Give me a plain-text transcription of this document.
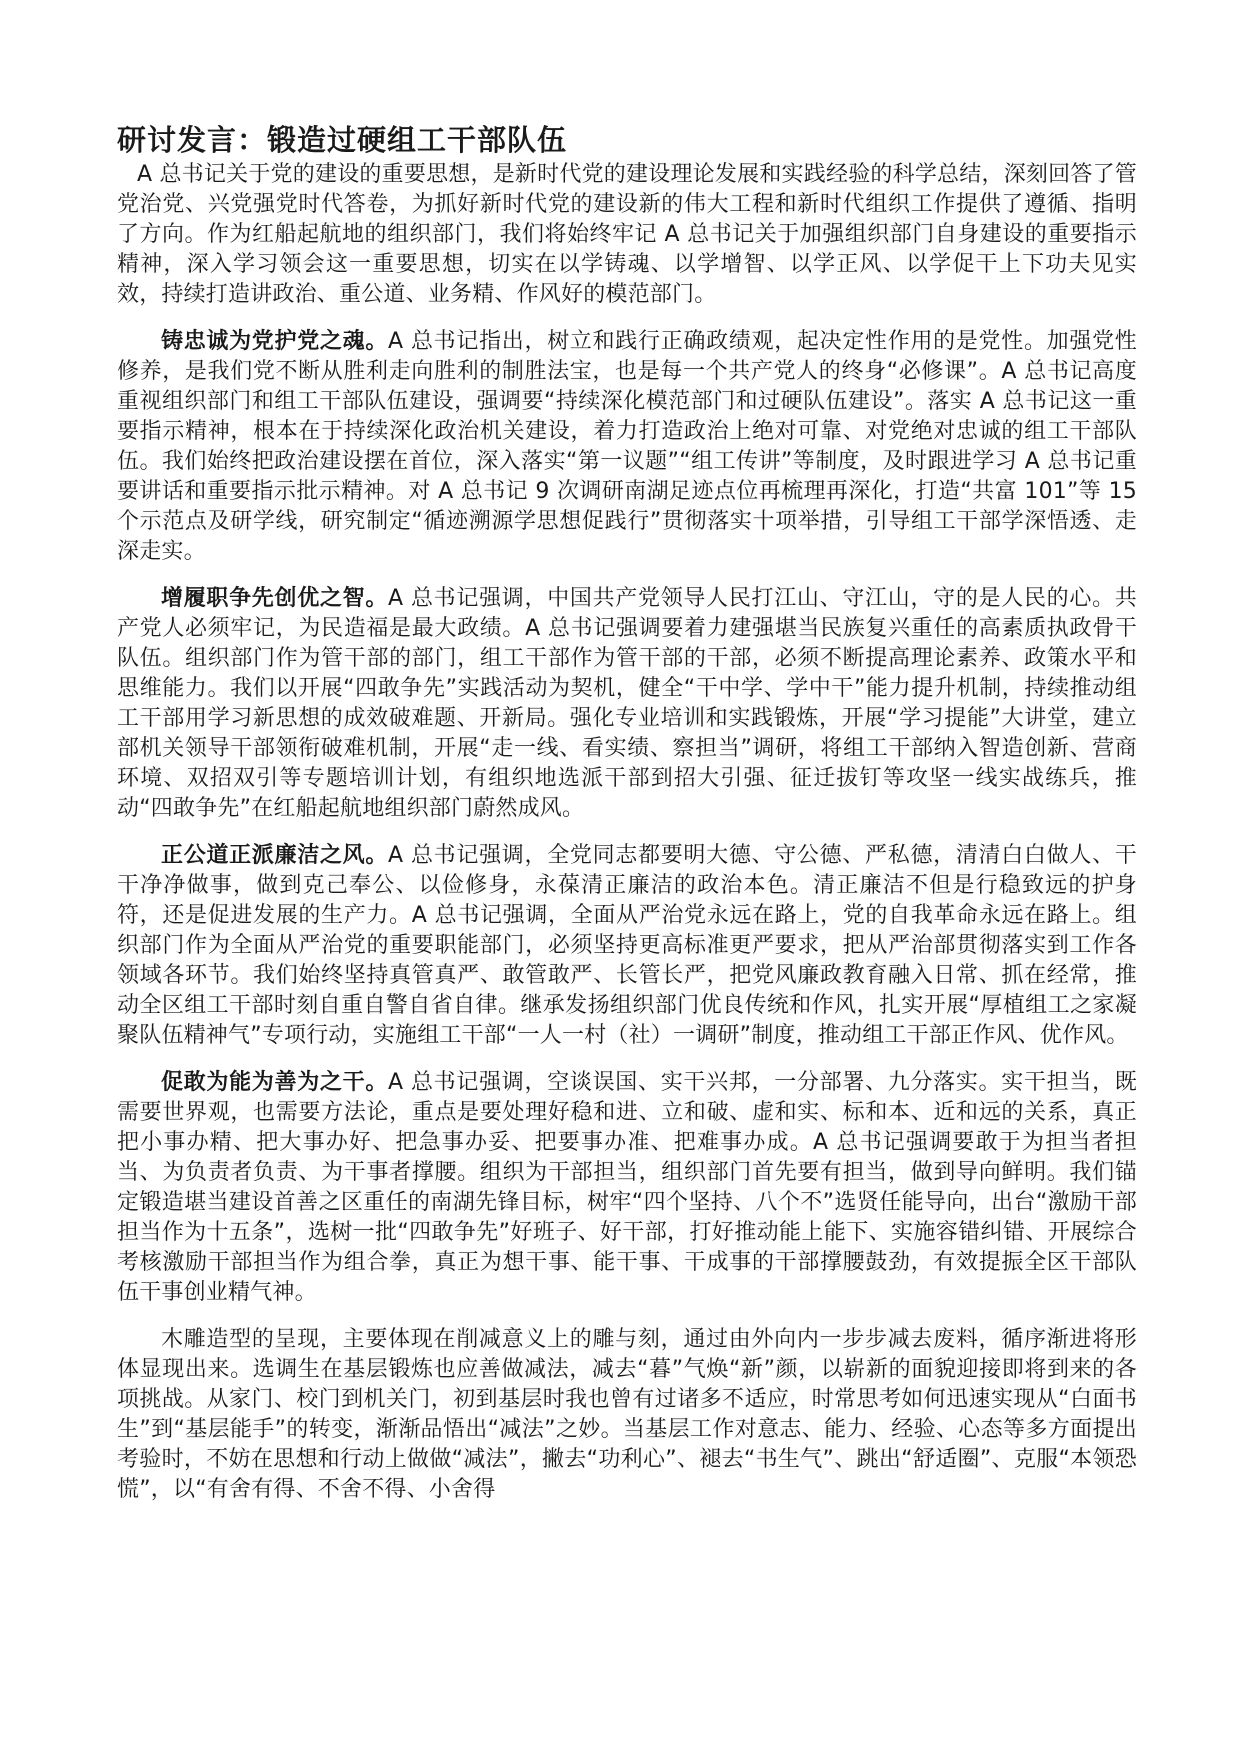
研讨发言：锻造过硬组工干部队伍

A 总书记关于党的建设的重要思想，是新时代党的建设理论发展和实践经验的科学总结，深刻回答了管党治党、兴党强党时代答卷，为抓好新时代党的建设新的伟大工程和新时代组织工作提供了遵循、指明了方向。作为红船起航地的组织部门，我们将始终牢记 A 总书记关于加强组织部门自身建设的重要指示精神，深入学习领会这一重要思想，切实在以学铸魂、以学增智、以学正风、以学促干上下功夫见实效，持续打造讲政治、重公道、业务精、作风好的模范部门。

铸忠诚为党护党之魂。A 总书记指出，树立和践行正确政绩观，起决定性作用的是党性。加强党性修养，是我们党不断从胜利走向胜利的制胜法宝，也是每一个共产党人的终身“必修课”。A 总书记高度重视组织部门和组工干部队伍建设，强调要“持续深化模范部门和过硬队伍建设”。落实 A 总书记这一重要指示精神，根本在于持续深化政治机关建设，着力打造政治上绝对可靠、对党绝对忠诚的组工干部队伍。我们始终把政治建设摆在首位，深入落实“第一议题”“组工传讲”等制度，及时跟进学习 A 总书记重要讲话和重要指示批示精神。对 A 总书记 9 次调研南湖足迹点位再梳理再深化，打造“共富 101”等 15 个示范点及研学线，研究制定“循迹溯源学思想促践行”贯彻落实十项举措，引导组工干部学深悟透、走深走实。

增履职争先创优之智。A 总书记强调，中国共产党领导人民打江山、守江山，守的是人民的心。共产党人必须牢记，为民造福是最大政绩。A 总书记强调要着力建强堪当民族复兴重任的高素质执政骨干队伍。组织部门作为管干部的部门，组工干部作为管干部的干部，必须不断提高理论素养、政策水平和思维能力。我们以开展“四敢争先”实践活动为契机，健全“干中学、学中干”能力提升机制，持续推动组工干部用学习新思想的成效破难题、开新局。强化专业培训和实践锻炼，开展“学习提能”大讲堂，建立部机关领导干部领衔破难机制，开展“走一线、看实绩、察担当”调研，将组工干部纳入智造创新、营商环境、双招双引等专题培训计划，有组织地选派干部到招大引强、征迁拔钉等攻坚一线实战练兵，推动“四敢争先”在红船起航地组织部门蔚然成风。

正公道正派廉洁之风。A 总书记强调，全党同志都要明大德、守公德、严私德，清清白白做人、干干净净做事，做到克己奉公、以俭修身，永葆清正廉洁的政治本色。清正廉洁不但是行稳致远的护身符，还是促进发展的生产力。A 总书记强调，全面从严治党永远在路上，党的自我革命永远在路上。组织部门作为全面从严治党的重要职能部门，必须坚持更高标准更严要求，把从严治部贯彻落实到工作各领域各环节。我们始终坚持真管真严、敢管敢严、长管长严，把党风廉政教育融入日常、抓在经常，推动全区组工干部时刻自重自警自省自律。继承发扬组织部门优良传统和作风，扎实开展“厚植组工之家凝聚队伍精神气”专项行动，实施组工干部“一人一村（社）一调研”制度，推动组工干部正作风、优作风。

促敢为能为善为之干。A 总书记强调，空谈误国、实干兴邦，一分部署、九分落实。实干担当，既需要世界观，也需要方法论，重点是要处理好稳和进、立和破、虚和实、标和本、近和远的关系，真正把小事办精、把大事办好、把急事办妥、把要事办准、把难事办成。A 总书记强调要敢于为担当者担当、为负责者负责、为干事者撑腰。组织为干部担当，组织部门首先要有担当，做到导向鲜明。我们锚定锻造堪当建设首善之区重任的南湖先锋目标，树牢“四个坚持、八个不”选贤任能导向，出台“激励干部担当作为十五条”，选树一批“四敢争先”好班子、好干部，打好推动能上能下、实施容错纠错、开展综合考核激励干部担当作为组合拳，真正为想干事、能干事、干成事的干部撑腰鼓劲，有效提振全区干部队伍干事创业精气神。

木雕造型的呈现，主要体现在削减意义上的雕与刻，通过由外向内一步步减去废料，循序渐进将形体显现出来。选调生在基层锻炼也应善做减法，减去“暮”气焕“新”颜，以崭新的面貌迎接即将到来的各项挑战。从家门、校门到机关门，初到基层时我也曾有过诸多不适应，时常思考如何迅速实现从“白面书生”到“基层能手”的转变，渐渐品悟出“减法”之妙。当基层工作对意志、能力、经验、心态等多方面提出考验时，不妨在思想和行动上做做“减法”，撇去“功利心”、褪去“书生气”、跳出“舒适圈”、克服“本领恐慌”，以“有舍有得、不舍不得、小舍得
